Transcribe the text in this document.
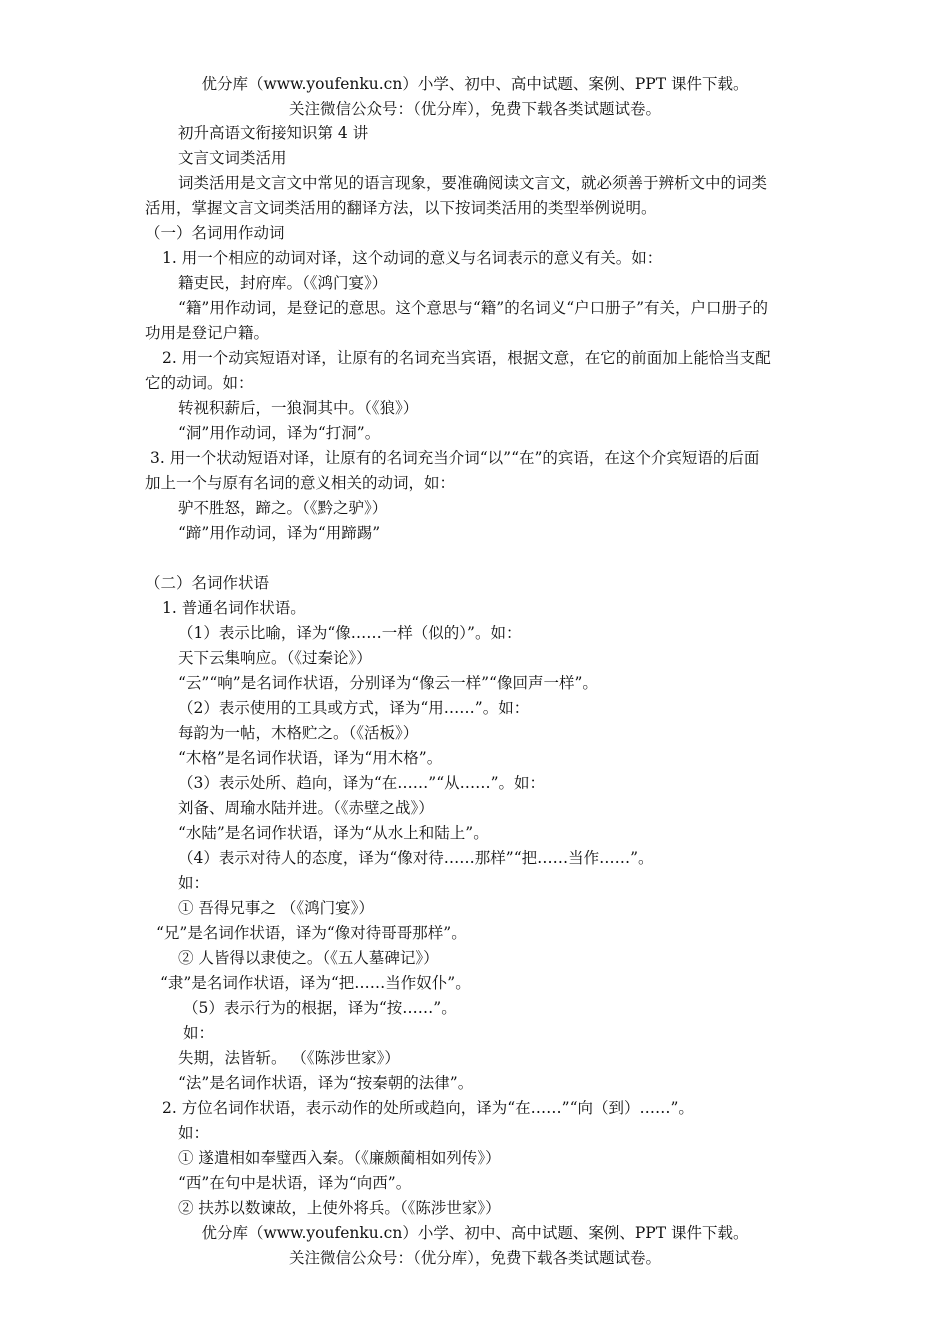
优分库（www.youfenku.cn）小学、初中、高中试题、案例、PPT 课件下载。
关注微信公众号：（优分库），免费下载各类试题试卷。
初升高语文衔接知识第 4 讲
文言文词类活用
词类活用是文言文中常见的语言现象，要准确阅读文言文，就必须善于辨析文中的词类
活用，掌握文言文词类活用的翻译方法，以下按词类活用的类型举例说明。
（一）名词用作动词
1. 用一个相应的动词对译，这个动词的意义与名词表示的意义有关。如：
籍吏民，封府库。（《鸿门宴》）
“籍”用作动词，是登记的意思。这个意思与“籍”的名词义“户口册子”有关，户口册子的
功用是登记户籍。
2. 用一个动宾短语对译，让原有的名词充当宾语，根据文意，在它的前面加上能恰当支配
它的动词。如：
转视积薪后，一狼洞其中。（《狼》）
“洞”用作动词，译为“打洞”。
3. 用一个状动短语对译，让原有的名词充当介词“以”“在”的宾语，在这个介宾短语的后面
加上一个与原有名词的意义相关的动词，如：
驴不胜怒，蹄之。（《黔之驴》）
“蹄”用作动词，译为“用蹄踢”
（二）名词作状语
1. 普通名词作状语。
（1）表示比喻，译为“像……一样（似的）”。如：
天下云集响应。（《过秦论》）
“云”“响”是名词作状语，分别译为“像云一样”“像回声一样”。
（2）表示使用的工具或方式，译为“用……”。如：
每韵为一帖，木格贮之。（《活板》）
“木格”是名词作状语，译为“用木格”。
（3）表示处所、趋向，译为“在……”“从……”。如：
刘备、周瑜水陆并进。（《赤壁之战》）
“水陆”是名词作状语，译为“从水上和陆上”。
（4）表示对待人的态度，译为“像对待……那样”“把……当作……”。
如：
① 吾得兄事之 （《鸿门宴》）
“兄”是名词作状语，译为“像对待哥哥那样”。
② 人皆得以隶使之。（《五人墓碑记》）
“隶”是名词作状语，译为“把……当作奴仆”。
（5）表示行为的根据，译为“按……”。
如：
失期，法皆斩。 （《陈涉世家》）
“法”是名词作状语，译为“按秦朝的法律”。
2. 方位名词作状语，表示动作的处所或趋向，译为“在……”“向（到）……”。
如：
① 遂遣相如奉璧西入秦。（《廉颇蔺相如列传》）
“西”在句中是状语，译为“向西”。
② 扶苏以数谏故，上使外将兵。（《陈涉世家》）
优分库（www.youfenku.cn）小学、初中、高中试题、案例、PPT 课件下载。
关注微信公众号：（优分库），免费下载各类试题试卷。
